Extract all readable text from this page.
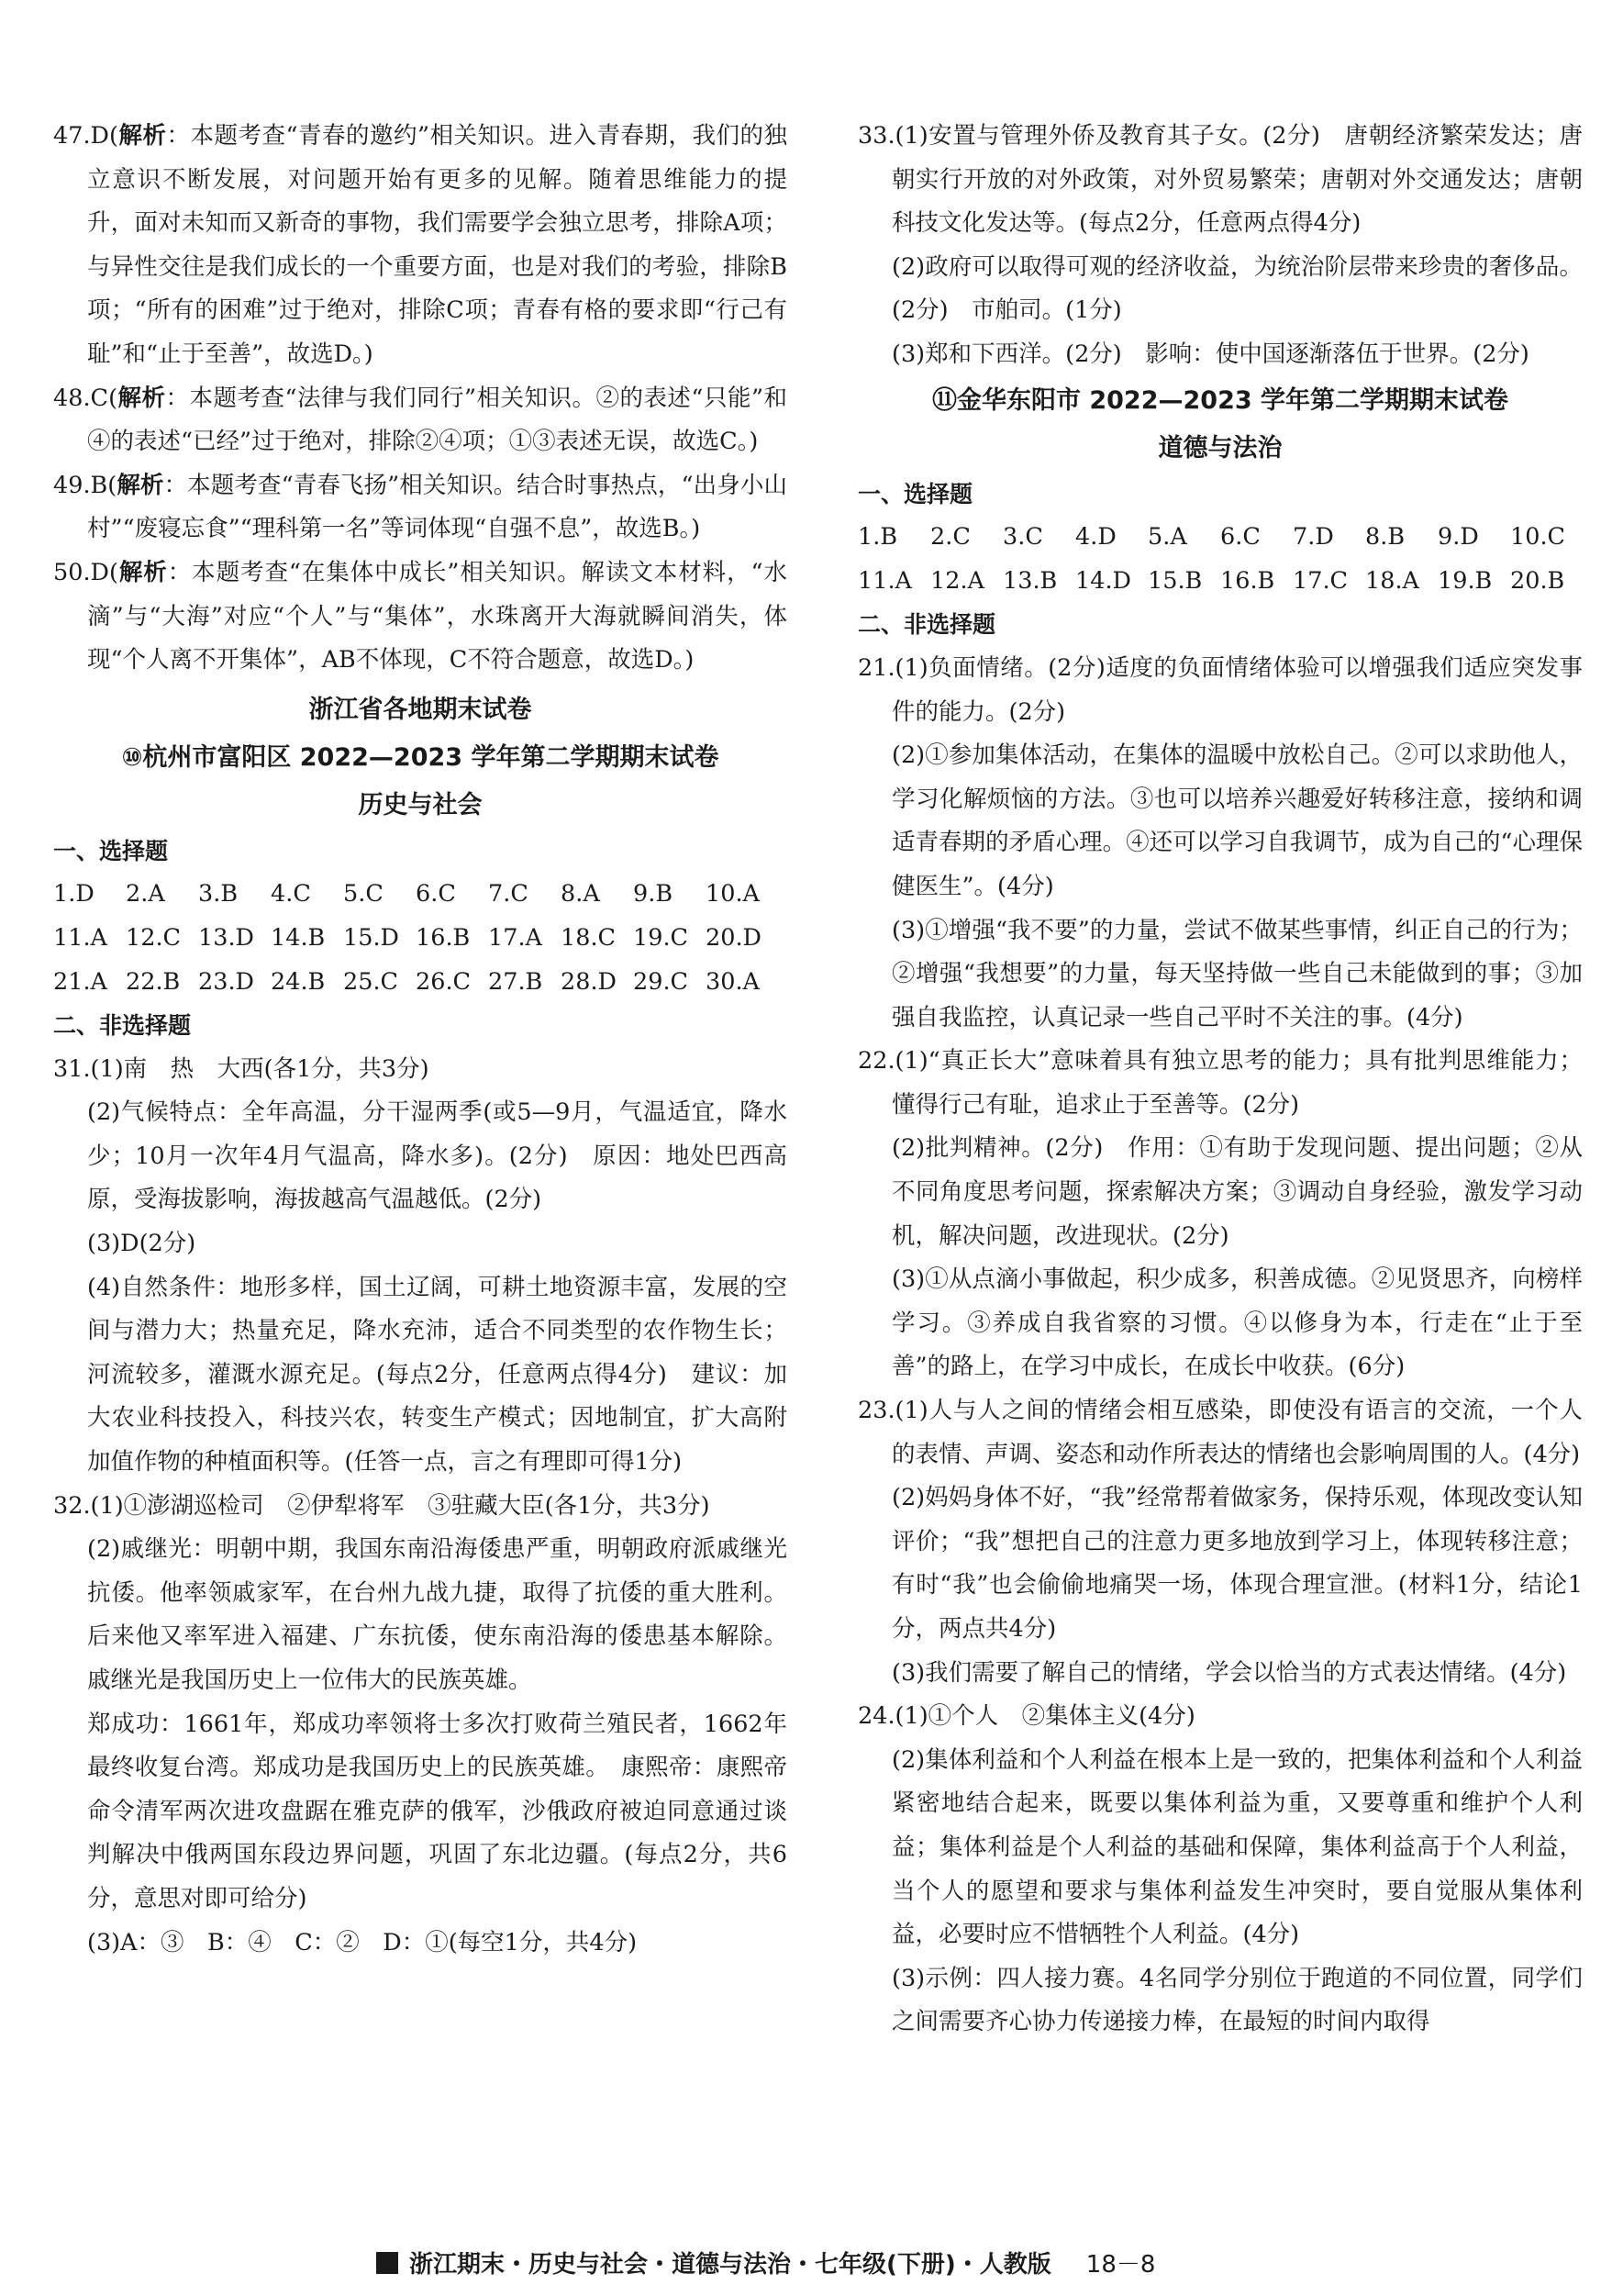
47.D(解析：本题考查“青春的邀约”相关知识。进入青春期，我们的独立意识不断发展，对问题开始有更多的见解。随着思维能力的提升，面对未知而又新奇的事物，我们需要学会独立思考，排除A项；与异性交往是我们成长的一个重要方面，也是对我们的考验，排除B项；“所有的困难”过于绝对，排除C项；青春有格的要求即“行己有耻”和“止于至善”，故选D。)

48.C(解析：本题考查“法律与我们同行”相关知识。②的表述“只能”和④的表述“已经”过于绝对，排除②④项；①③表述无误，故选C。)

49.B(解析：本题考查“青春飞扬”相关知识。结合时事热点，“出身小山村”“废寝忘食”“理科第一名”等词体现“自强不息”，故选B。)

50.D(解析：本题考查“在集体中成长”相关知识。解读文本材料，“水滴”与“大海”对应“个人”与“集体”，水珠离开大海就瞬间消失，体现“个人离不开集体”，AB不体现，C不符合题意，故选D。)

浙江省各地期末试卷

⑩杭州市富阳区 2022—2023 学年第二学期期末试卷

历史与社会

一、选择题

1.D	2.A	3.B	4.C	5.C	6.C	7.C	8.A	9.B	10.A
11.A 12.C 13.D 14.B 15.D 16.B 17.A 18.C 19.C 20.D
21.A 22.B 23.D 24.B 25.C 26.C 27.B 28.D 29.C 30.A

二、非选择题

31.(1)南　热　大西(各1分，共3分)

(2)气候特点：全年高温，分干湿两季(或5—9月，气温适宜，降水少；10月一次年4月气温高，降水多)。(2分)　原因：地处巴西高原，受海拔影响，海拔越高气温越低。(2分)

(3)D(2分)

(4)自然条件：地形多样，国土辽阔，可耕土地资源丰富，发展的空间与潜力大；热量充足，降水充沛，适合不同类型的农作物生长；河流较多，灌溉水源充足。(每点2分，任意两点得4分)　建议：加大农业科技投入，科技兴农，转变生产模式；因地制宜，扩大高附加值作物的种植面积等。(任答一点，言之有理即可得1分)

32.(1)①澎湖巡检司　②伊犁将军　③驻藏大臣(各1分，共3分)

(2)戚继光：明朝中期，我国东南沿海倭患严重，明朝政府派戚继光抗倭。他率领戚家军，在台州九战九捷，取得了抗倭的重大胜利。后来他又率军进入福建、广东抗倭，使东南沿海的倭患基本解除。戚继光是我国历史上一位伟大的民族英雄。

郑成功：1661年，郑成功率领将士多次打败荷兰殖民者，1662年最终收复台湾。郑成功是我国历史上的民族英雄。　康熙帝：康熙帝命令清军两次进攻盘踞在雅克萨的俄军，沙俄政府被迫同意通过谈判解决中俄两国东段边界问题，巩固了东北边疆。(每点2分，共6分，意思对即可给分)

(3)A：③　B：④　C：②　D：①(每空1分，共4分)

33.(1)安置与管理外侨及教育其子女。(2分)　唐朝经济繁荣发达；唐朝实行开放的对外政策，对外贸易繁荣；唐朝对外交通发达；唐朝科技文化发达等。(每点2分，任意两点得4分)

(2)政府可以取得可观的经济收益，为统治阶层带来珍贵的奢侈品。(2分)　市舶司。(1分)

(3)郑和下西洋。(2分)　影响：使中国逐渐落伍于世界。(2分)

⑪金华东阳市 2022—2023 学年第二学期期末试卷

道德与法治

一、选择题

1.B	2.C	3.C	4.D	5.A	6.C	7.D	8.B	9.D	10.C
11.A 12.A 13.B 14.D 15.B 16.B 17.C 18.A 19.B 20.B

二、非选择题

21.(1)负面情绪。(2分)适度的负面情绪体验可以增强我们适应突发事件的能力。(2分)

(2)①参加集体活动，在集体的温暖中放松自己。②可以求助他人，学习化解烦恼的方法。③也可以培养兴趣爱好转移注意，接纳和调适青春期的矛盾心理。④还可以学习自我调节，成为自己的“心理保健医生”。(4分)

(3)①增强“我不要”的力量，尝试不做某些事情，纠正自己的行为；②增强“我想要”的力量，每天坚持做一些自己未能做到的事；③加强自我监控，认真记录一些自己平时不关注的事。(4分)

22.(1)“真正长大”意味着具有独立思考的能力；具有批判思维能力；懂得行己有耻，追求止于至善等。(2分)

(2)批判精神。(2分)　作用：①有助于发现问题、提出问题；②从不同角度思考问题，探索解决方案；③调动自身经验，激发学习动机，解决问题，改进现状。(2分)

(3)①从点滴小事做起，积少成多，积善成德。②见贤思齐，向榜样学习。③养成自我省察的习惯。④以修身为本，行走在“止于至善”的路上，在学习中成长，在成长中收获。(6分)

23.(1)人与人之间的情绪会相互感染，即使没有语言的交流，一个人的表情、声调、姿态和动作所表达的情绪也会影响周围的人。(4分)

(2)妈妈身体不好，“我”经常帮着做家务，保持乐观，体现改变认知评价；“我”想把自己的注意力更多地放到学习上，体现转移注意；有时“我”也会偷偷地痛哭一场，体现合理宣泄。(材料1分，结论1分，两点共4分)

(3)我们需要了解自己的情绪，学会以恰当的方式表达情绪。(4分)

24.(1)①个人　②集体主义(4分)

(2)集体利益和个人利益在根本上是一致的，把集体利益和个人利益紧密地结合起来，既要以集体利益为重，又要尊重和维护个人利益；集体利益是个人利益的基础和保障，集体利益高于个人利益，当个人的愿望和要求与集体利益发生冲突时，要自觉服从集体利益，必要时应不惜牺牲个人利益。(4分)

(3)示例：四人接力赛。4名同学分别位于跑道的不同位置，同学们之间需要齐心协力传递接力棒，在最短的时间内取得

浙江期末・历史与社会・道德与法治・七年级(下册)・人教版 18－8
